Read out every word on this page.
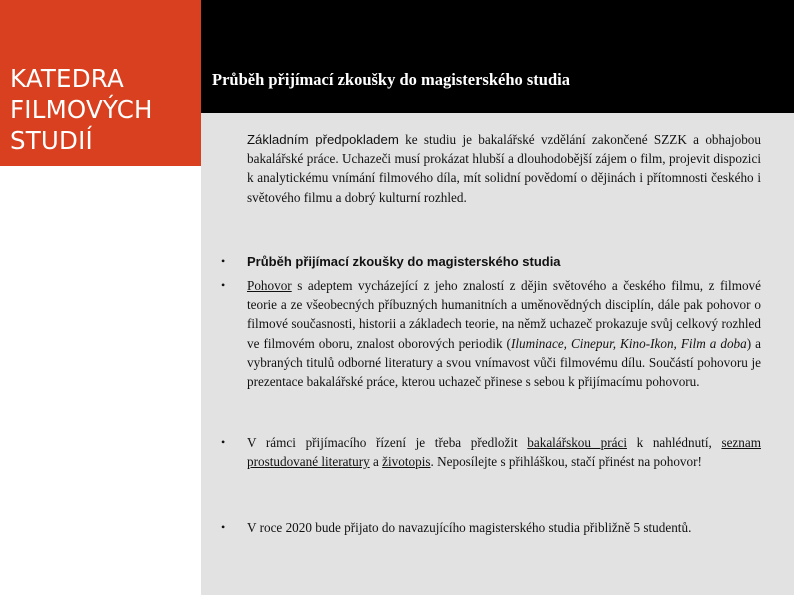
KATEDRA
FILMOVÝCH
STUDIÍ
Průběh přijímací zkoušky do magisterského studia
Základním předpokladem ke studiu je bakalářské vzdělání zakončené SZZK a obhajobou bakalářské práce. Uchazeči musí prokázat hlubší a dlouhodobější zájem o film, projevit dispozici k analytickému vnímání filmového díla, mít solidní povědomí o dějinách i přítomnosti českého i světového filmu a dobrý kulturní rozhled.
• Průběh přijímací zkoušky do magisterského studia
• Pohovor s adeptem vycházející z jeho znalostí z dějin světového a českého filmu, z filmové teorie a ze všeobecných příbuzných humanitních a uměnovědných disciplín, dále pak pohovor o filmové současnosti, historii a základech teorie, na němž uchazeč prokazuje svůj celkový rozhled ve filmovém oboru, znalost oborových periodik (Iluminace, Cinepur, Kino-Ikon, Film a doba) a vybraných titulů odborné literatury a svou vnímavost vůči filmovému dílu. Součástí pohovoru je prezentace bakalářské práce, kterou uchazeč přinese s sebou k přijímacímu pohovoru.
• V rámci přijímacího řízení je třeba předložit bakalářskou práci k nahlédnutí, seznam prostudované literatury a životopis. Neposílejte s přihláškou, stačí přinést na pohovor!
• V roce 2020 bude přijato do navazujícího magisterského studia přibližně 5 studentů.
